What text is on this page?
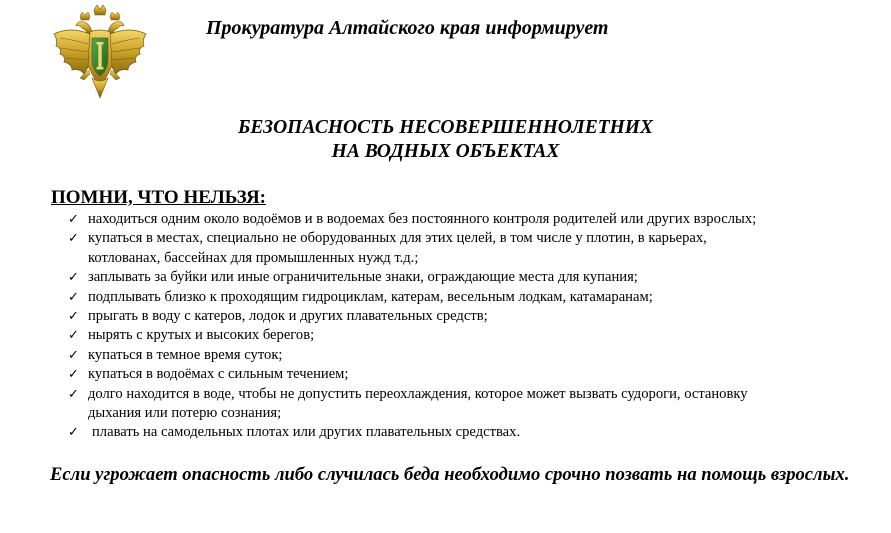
Прокуратура Алтайского края информирует
БЕЗОПАСНОСТЬ НЕСОВЕРШЕННОЛЕТНИХ
НА ВОДНЫХ ОБЪЕКТАХ
ПОМНИ, ЧТО НЕЛЬЗЯ:
✓ находиться одним около водоёмов и в водоемах без постоянного контроля родителей или других взрослых;
✓ купаться в местах, специально не оборудованных для этих целей, в том числе у плотин, в карьерах,
котлованах, бассейнах для промышленных нужд т.д.;
✓ заплывать за буйки или иные ограничительные знаки, ограждающие места для купания;
✓ подплывать близко к проходящим гидроциклам, катерам, весельным лодкам, катамаранам;
✓ прыгать в воду с катеров, лодок и других плавательных средств;
✓ нырять с крутых и высоких берегов;
✓ купаться в темное время суток;
✓ купаться в водоёмах с сильным течением;
✓ долго находится в воде, чтобы не допустить переохлаждения, которое может вызвать судороги, остановку
дыхания или потерю сознания;
✓ плавать на самодельных плотах или других плавательных средствах.
Если угрожает опасность либо случилась беда необходимо срочно позвать на помощь взрослых.
